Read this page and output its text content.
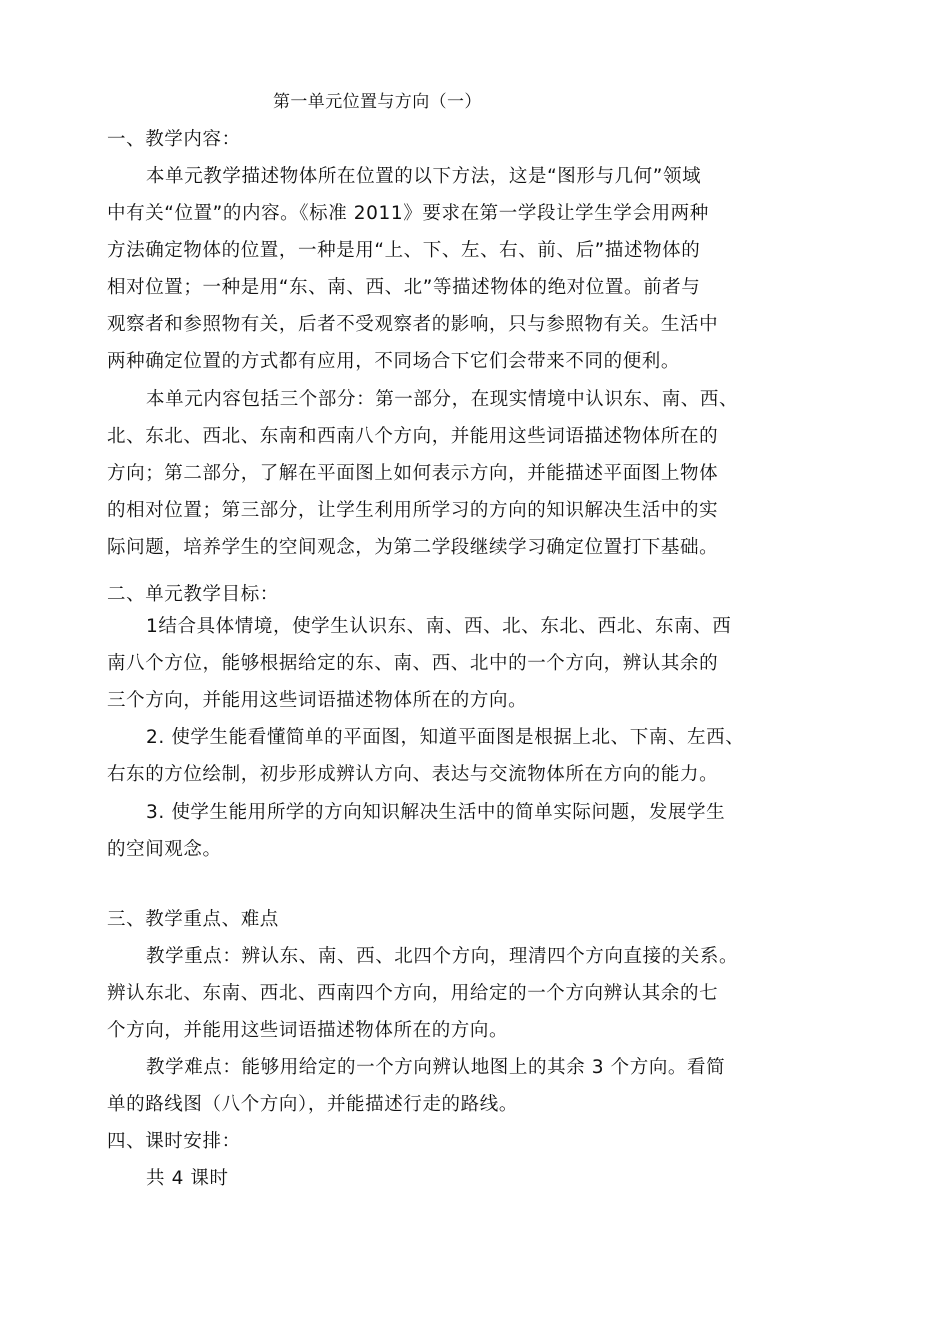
第一单元位置与方向（一）
一、教学内容：
本单元教学描述物体所在位置的以下方法，这是“图形与几何”领域
中有关“位置”的内容。《标准 2011》要求在第一学段让学生学会用两种
方法确定物体的位置，一种是用“上、下、左、右、前、后”描述物体的
相对位置；一种是用“东、南、西、北”等描述物体的绝对位置。前者与
观察者和参照物有关，后者不受观察者的影响，只与参照物有关。生活中
两种确定位置的方式都有应用，不同场合下它们会带来不同的便利。
本单元内容包括三个部分：第一部分，在现实情境中认识东、南、西、
北、东北、西北、东南和西南八个方向，并能用这些词语描述物体所在的
方向；第二部分，了解在平面图上如何表示方向，并能描述平面图上物体
的相对位置；第三部分，让学生利用所学习的方向的知识解决生活中的实
际问题，培养学生的空间观念，为第二学段继续学习确定位置打下基础。
二、单元教学目标：
1结合具体情境，使学生认识东、南、西、北、东北、西北、东南、西
南八个方位，能够根据给定的东、南、西、北中的一个方向，辨认其余的
三个方向，并能用这些词语描述物体所在的方向。
2. 使学生能看懂简单的平面图，知道平面图是根据上北、下南、左西、
右东的方位绘制，初步形成辨认方向、表达与交流物体所在方向的能力。
3. 使学生能用所学的方向知识解决生活中的简单实际问题，发展学生
的空间观念。
三、教学重点、难点
教学重点：辨认东、南、西、北四个方向，理清四个方向直接的关系。
辨认东北、东南、西北、西南四个方向，用给定的一个方向辨认其余的七
个方向，并能用这些词语描述物体所在的方向。
教学难点：能够用给定的一个方向辨认地图上的其余 3 个方向。看简
单的路线图（八个方向），并能描述行走的路线。
四、课时安排：
共 4 课时
